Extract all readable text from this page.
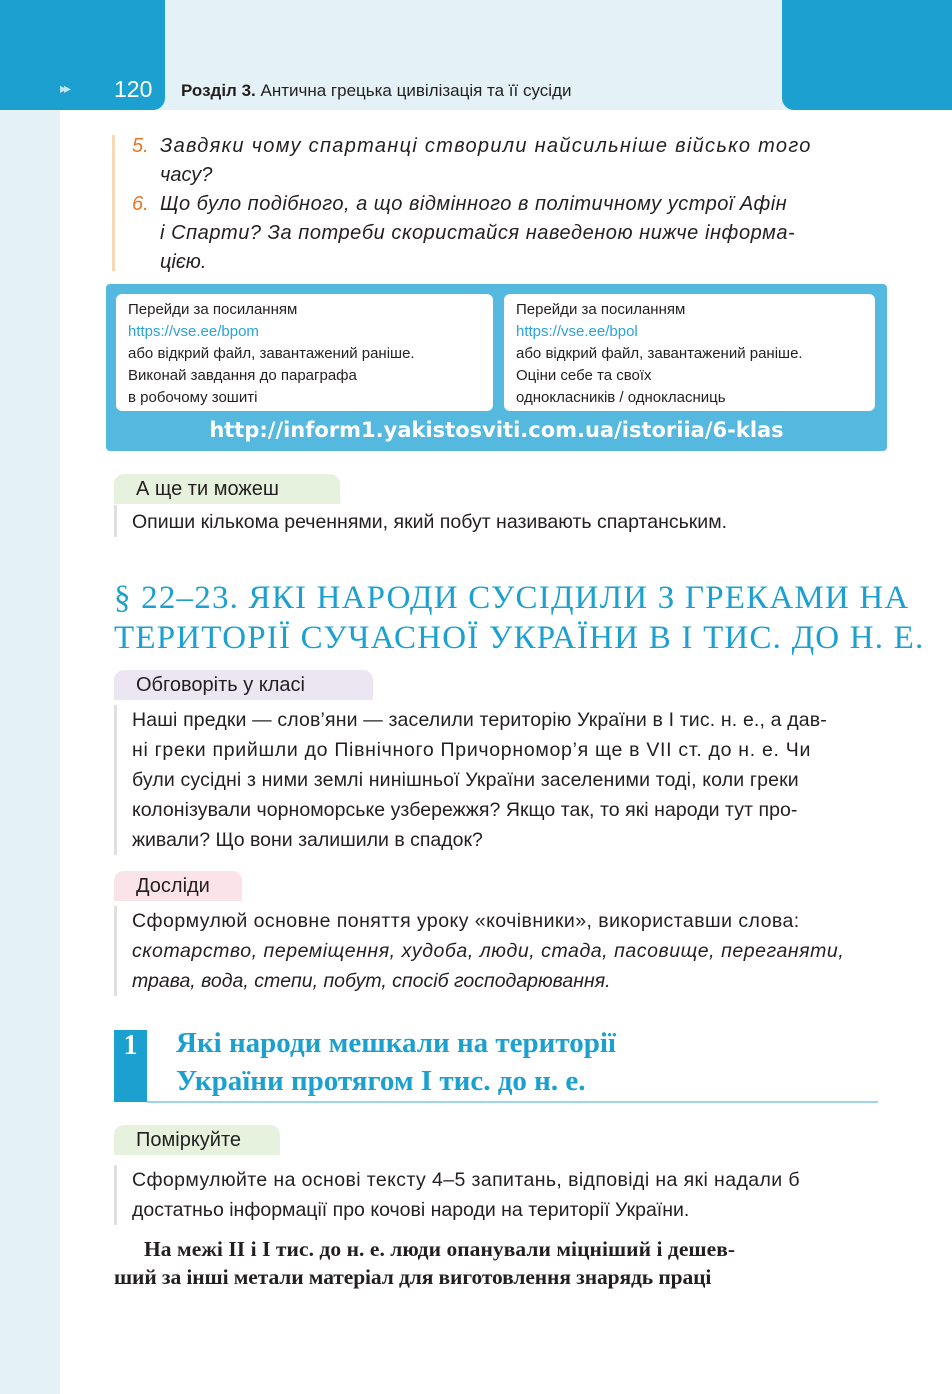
▸▸ 120 Розділ 3. Антична грецька цивілізація та її сусіди
5. Завдяки чому спартанці створили найсильніше військо того
часу?
6. Що було подібного, а що відмінного в політичному устрої Афін
і Спарти? За потреби скористайся наведеною нижче інформа-
цією.
Перейди за посиланням
https://vse.ee/bpom
або відкрий файл, завантажений раніше.
Виконай завдання до параграфа
в робочому зошиті
Перейди за посиланням
https://vse.ee/bpol
або відкрий файл, завантажений раніше.
Оціни себе та своїх
однокласників / однокласниць
http://inform1.yakistosviti.com.ua/istoriia/6-klas
А ще ти можеш
Опиши кількома реченнями, який побут називають спартанським.
§ 22–23. ЯКІ НАРОДИ СУСІДИЛИ З ГРЕКАМИ НА
ТЕРИТОРІЇ СУЧАСНОЇ УКРАЇНИ В І ТИС. ДО Н. Е.
Обговоріть у класі
Наші предки — слов’яни — заселили територію України в І тис. н. е., а дав-
ні греки прийшли до Північного Причорномор’я ще в VІІ ст. до н. е. Чи
були сусідні з ними землі нинішньої України заселеними тоді, коли греки
колонізували чорноморське узбережжя? Якщо так, то які народи тут про-
живали? Що вони залишили в спадок?
Досліди
Сформулюй основне поняття уроку «кочівники», використавши слова:
скотарство, переміщення, худоба, люди, стада, пасовище, переганяти,
трава, вода, степи, побут, спосіб господарювання.
1	Які народи мешкали на території
України протягом І тис. до н. е.
Поміркуйте
Сформулюйте на основі тексту 4–5 запитань, відповіді на які надали б
достатньо інформації про кочові народи на території України.
На межі ІІ і І тис. до н. е. люди опанували міцніший і дешев-
ший за інші метали матеріал для виготовлення знарядь праці
